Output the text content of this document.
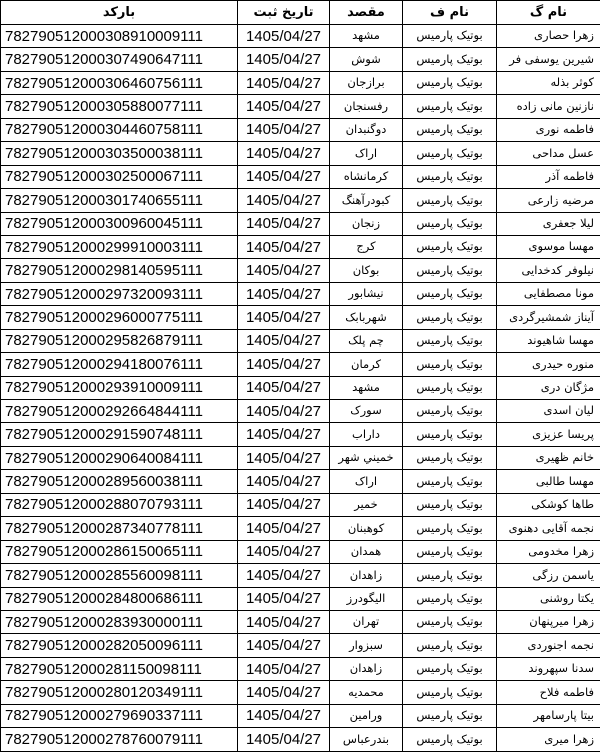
نام گ	نام ف	مقصد	تاریخ ثبت	بارکد
زهرا حصاری	بوتیک پارمیس	مشهد	1405/04/27	782790512000308910009111
شیرین یوسفی فر	بوتیک پارمیس	شوش	1405/04/27	782790512000307490647111
کوثر بذله	بوتیک پارمیس	برازجان	1405/04/27	782790512000306460756111
نازنین مانی زاده	بوتیک پارمیس	رفسنجان	1405/04/27	782790512000305880077111
فاطمه نوری	بوتیک پارمیس	دوگنبدان	1405/04/27	782790512000304460758111
عسل مداحی	بوتیک پارمیس	اراک	1405/04/27	782790512000303500038111
فاطمه آذر	بوتیک پارمیس	کرمانشاه	1405/04/27	782790512000302500067111
مرضیه زارعی	بوتیک پارمیس	کبودرآهنگ	1405/04/27	782790512000301740655111
لیلا جعفری	بوتیک پارمیس	زنجان	1405/04/27	782790512000300960045111
مهسا موسوی	بوتیک پارمیس	کرج	1405/04/27	782790512000299910003111
نیلوفر کدخدایی	بوتیک پارمیس	بوکان	1405/04/27	782790512000298140595111
مونا مصطفایی	بوتیک پارمیس	نیشابور	1405/04/27	782790512000297320093111
آیناز شمشیرگردی	بوتیک پارمیس	شهربابک	1405/04/27	782790512000296000775111
مهسا شاهیوند	بوتیک پارمیس	چم پلک	1405/04/27	782790512000295826879111
منوره حیدری	بوتیک پارمیس	کرمان	1405/04/27	782790512000294180076111
مژگان دری	بوتیک پارمیس	مشهد	1405/04/27	782790512000293910009111
لیان اسدی	بوتیک پارمیس	سورک	1405/04/27	782790512000292664844111
پریسا عزیزی	بوتیک پارمیس	داراب	1405/04/27	782790512000291590748111
خانم ظهیری	بوتیک پارمیس	خميني شهر	1405/04/27	782790512000290640084111
مهسا طالبی	بوتیک پارمیس	اراک	1405/04/27	782790512000289560038111
طاها کوشکی	بوتیک پارمیس	خمیر	1405/04/27	782790512000288070793111
نجمه آقایی دهنوی	بوتیک پارمیس	کوهبنان	1405/04/27	782790512000287340778111
زهرا مخدومی	بوتیک پارمیس	همدان	1405/04/27	782790512000286150065111
یاسمن رزگی	بوتیک پارمیس	زاهدان	1405/04/27	782790512000285560098111
یکتا روشنی	بوتیک پارمیس	الیگودرز	1405/04/27	782790512000284800686111
زهرا میرپنهان	بوتیک پارمیس	تهران	1405/04/27	782790512000283930000111
نجمه اجنوردی	بوتیک پارمیس	سبزوار	1405/04/27	782790512000282050096111
سدنا سپهروند	بوتیک پارمیس	زاهدان	1405/04/27	782790512000281150098111
فاطمه فلاح	بوتیک پارمیس	محمدیه	1405/04/27	782790512000280120349111
بیتا پارسامهر	بوتیک پارمیس	ورامین	1405/04/27	782790512000279690337111
زهرا میری	بوتیک پارمیس	بندرعباس	1405/04/27	782790512000278760079111
